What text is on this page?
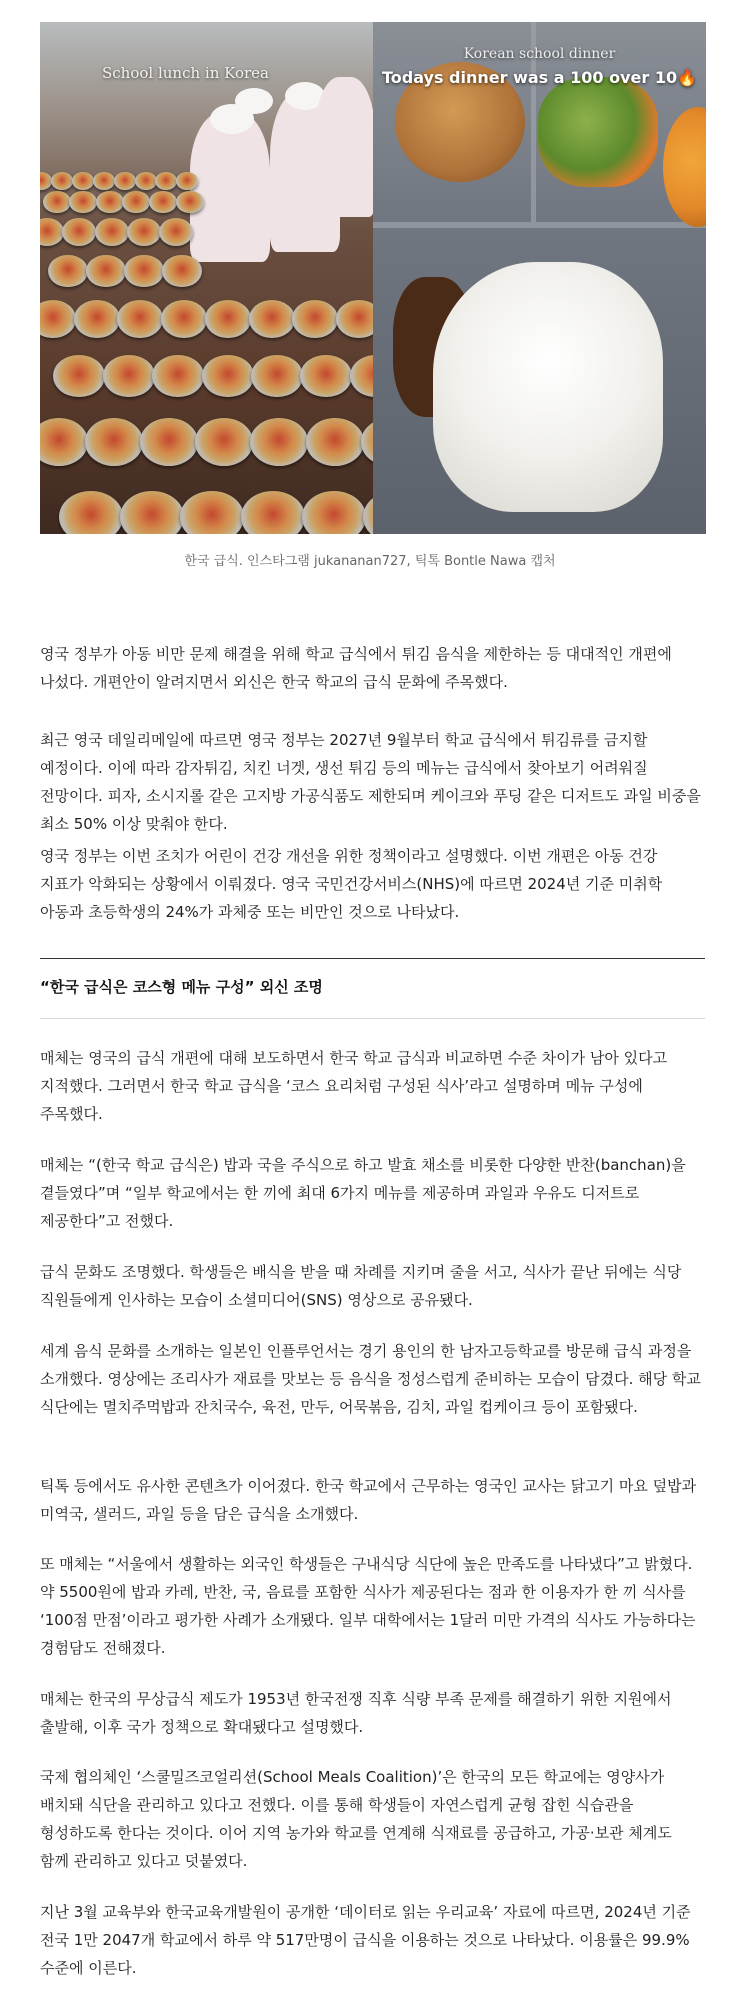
School lunch in Korea
Korean school dinner
Todays dinner was a 100 over 10🔥
한국 급식. 인스타그램 jukananan727, 틱톡 Bontle Nawa 캡처

영국 정부가 아동 비만 문제 해결을 위해 학교 급식에서 튀김 음식을 제한하는 등 대대적인 개편에 나섰다. 개편안이 알려지면서 외신은 한국 학교의 급식 문화에 주목했다.

최근 영국 데일리메일에 따르면 영국 정부는 2027년 9월부터 학교 급식에서 튀김류를 금지할 예정이다. 이에 따라 감자튀김, 치킨 너겟, 생선 튀김 등의 메뉴는 급식에서 찾아보기 어려워질 전망이다. 피자, 소시지롤 같은 고지방 가공식품도 제한되며 케이크와 푸딩 같은 디저트도 과일 비중을 최소 50% 이상 맞춰야 한다.

영국 정부는 이번 조치가 어린이 건강 개선을 위한 정책이라고 설명했다. 이번 개편은 아동 건강 지표가 악화되는 상황에서 이뤄졌다. 영국 국민건강서비스(NHS)에 따르면 2024년 기준 미취학 아동과 초등학생의 24%가 과체중 또는 비만인 것으로 나타났다.

“한국 급식은 코스형 메뉴 구성” 외신 조명

매체는 영국의 급식 개편에 대해 보도하면서 한국 학교 급식과 비교하면 수준 차이가 남아 있다고 지적했다. 그러면서 한국 학교 급식을 ‘코스 요리처럼 구성된 식사’라고 설명하며 메뉴 구성에 주목했다.

매체는 “(한국 학교 급식은) 밥과 국을 주식으로 하고 발효 채소를 비롯한 다양한 반찬(banchan)을 곁들였다”며 “일부 학교에서는 한 끼에 최대 6가지 메뉴를 제공하며 과일과 우유도 디저트로 제공한다”고 전했다.

급식 문화도 조명했다. 학생들은 배식을 받을 때 차례를 지키며 줄을 서고, 식사가 끝난 뒤에는 식당 직원들에게 인사하는 모습이 소셜미디어(SNS) 영상으로 공유됐다.

세계 음식 문화를 소개하는 일본인 인플루언서는 경기 용인의 한 남자고등학교를 방문해 급식 과정을 소개했다. 영상에는 조리사가 재료를 맛보는 등 음식을 정성스럽게 준비하는 모습이 담겼다. 해당 학교 식단에는 멸치주먹밥과 잔치국수, 육전, 만두, 어묵볶음, 김치, 과일 컵케이크 등이 포함됐다.

틱톡 등에서도 유사한 콘텐츠가 이어졌다. 한국 학교에서 근무하는 영국인 교사는 닭고기 마요 덮밥과 미역국, 샐러드, 과일 등을 담은 급식을 소개했다.

또 매체는 “서울에서 생활하는 외국인 학생들은 구내식당 식단에 높은 만족도를 나타냈다”고 밝혔다. 약 5500원에 밥과 카레, 반찬, 국, 음료를 포함한 식사가 제공된다는 점과 한 이용자가 한 끼 식사를 ‘100점 만점’이라고 평가한 사례가 소개됐다. 일부 대학에서는 1달러 미만 가격의 식사도 가능하다는 경험담도 전해졌다.

매체는 한국의 무상급식 제도가 1953년 한국전쟁 직후 식량 부족 문제를 해결하기 위한 지원에서 출발해, 이후 국가 정책으로 확대됐다고 설명했다.

국제 협의체인 ‘스쿨밀즈코얼리션(School Meals Coalition)’은 한국의 모든 학교에는 영양사가 배치돼 식단을 관리하고 있다고 전했다. 이를 통해 학생들이 자연스럽게 균형 잡힌 식습관을 형성하도록 한다는 것이다. 이어 지역 농가와 학교를 연계해 식재료를 공급하고, 가공·보관 체계도 함께 관리하고 있다고 덧붙였다.

지난 3월 교육부와 한국교육개발원이 공개한 ‘데이터로 읽는 우리교육’ 자료에 따르면, 2024년 기준 전국 1만 2047개 학교에서 하루 약 517만명이 급식을 이용하는 것으로 나타났다. 이용률은 99.9% 수준에 이른다.
